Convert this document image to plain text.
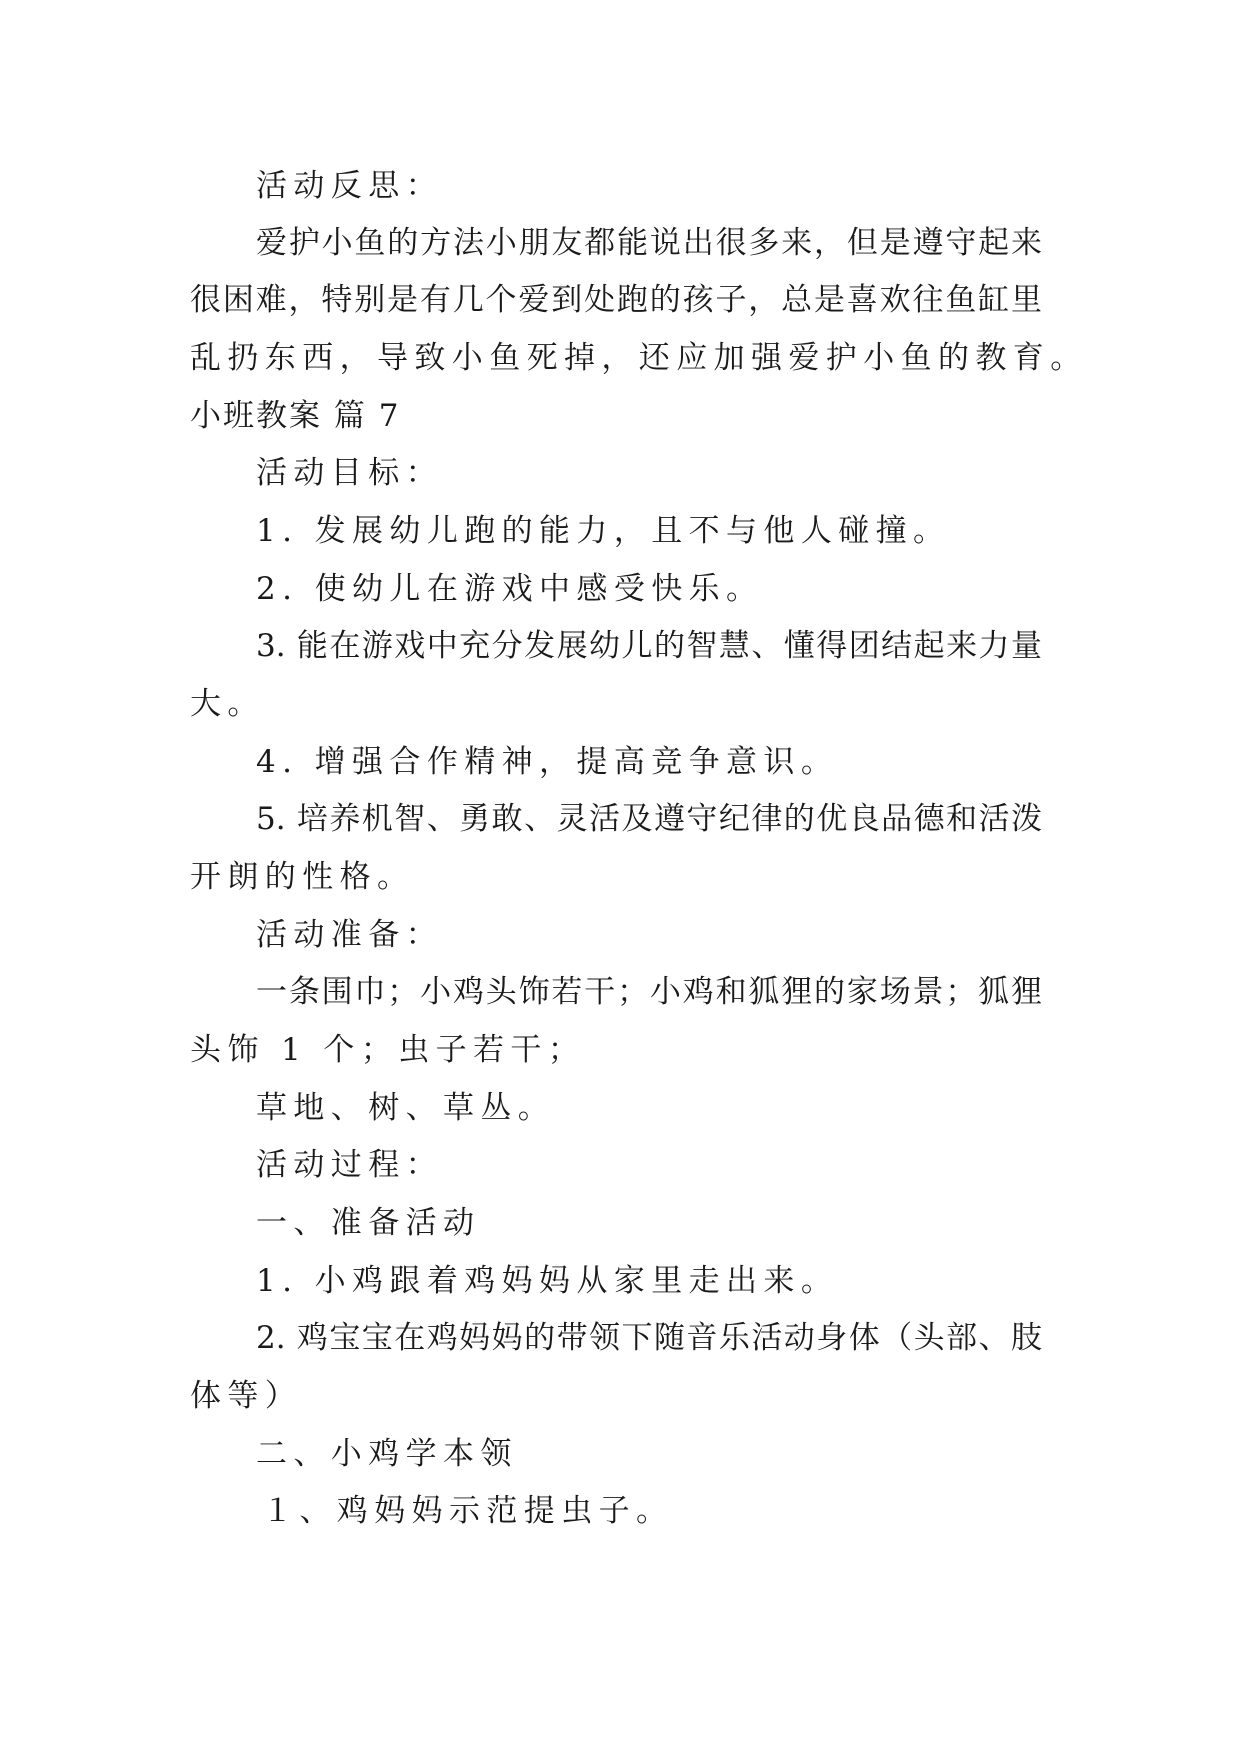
活动反思：
爱护小鱼的方法小朋友都能说出很多来，但是遵守起来
很困难，特别是有几个爱到处跑的孩子，总是喜欢往鱼缸里
乱扔东西，导致小鱼死掉，还应加强爱护小鱼的教育。
小班教案 篇 7
活动目标：
1. 发展幼儿跑的能力，且不与他人碰撞。
2. 使幼儿在游戏中感受快乐。
3. 能在游戏中充分发展幼儿的智慧、懂得团结起来力量
大。
4. 增强合作精神，提高竞争意识。
5. 培养机智、勇敢、灵活及遵守纪律的优良品德和活泼
开朗的性格。
活动准备：
一条围巾；小鸡头饰若干；小鸡和狐狸的家场景；狐狸
头饰 1 个；虫子若干；
草地、树、草丛。
活动过程：
一、准备活动
1. 小鸡跟着鸡妈妈从家里走出来。
2. 鸡宝宝在鸡妈妈的带领下随音乐活动身体（头部、肢
体等）
二、小鸡学本领
１、鸡妈妈示范提虫子。
